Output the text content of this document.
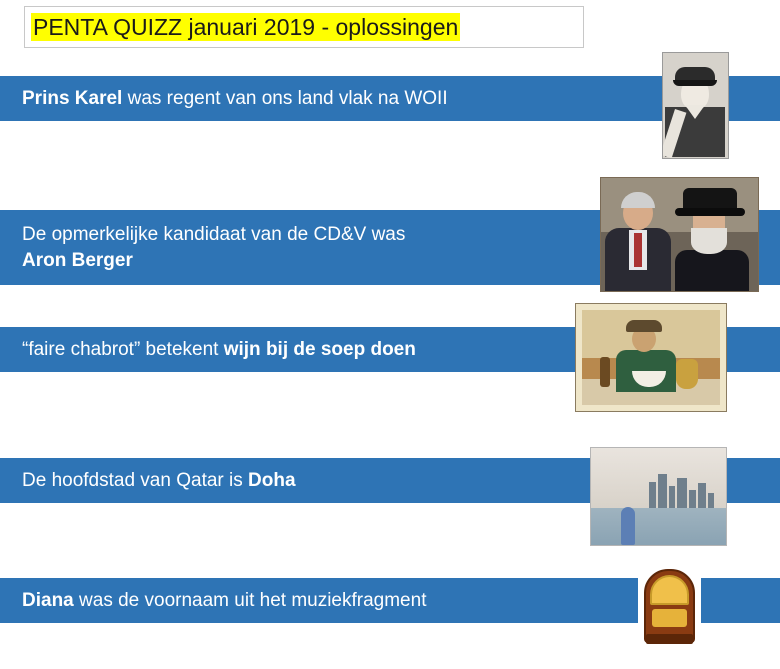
PENTA QUIZZ januari 2019 - oplossingen
Prins Karel was regent van ons land vlak na WOII
De opmerkelijke kandidaat van de CD&V was
Aron Berger
“faire chabrot” betekent wijn bij de soep doen
De hoofdstad van Qatar is Doha
Diana was de voornaam uit het muziekfragment
